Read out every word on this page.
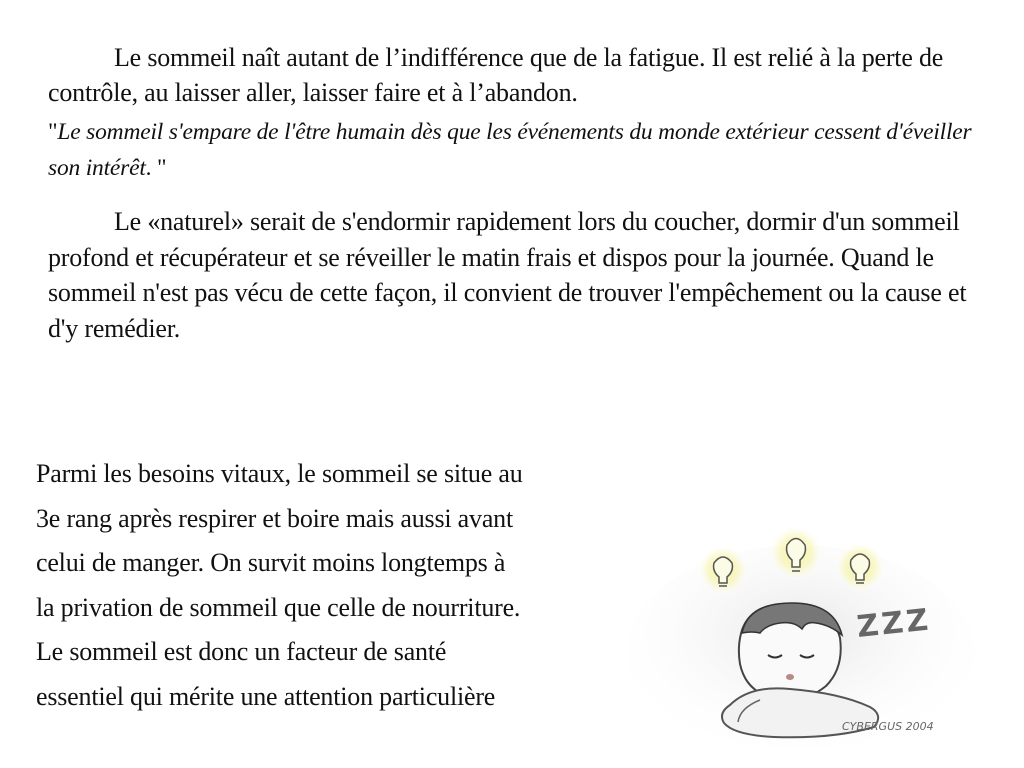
Le sommeil naît autant de l’indifférence que de la fatigue. Il est relié à la perte de contrôle, au laisser aller, laisser faire et à l’abandon.

"Le sommeil s'empare de l'être humain dès que les événements du monde extérieur cessent d'éveiller son intérêt. "

Le «naturel» serait de s'endormir rapidement lors du coucher, dormir d'un sommeil profond et récupérateur et se réveiller le matin frais et dispos pour la journée. Quand le sommeil n'est pas vécu de cette façon, il convient de trouver l'empêchement ou la cause et d'y remédier.

Parmi les besoins vitaux, le sommeil se situe au
3e rang après respirer et boire mais aussi avant
celui de manger. On survit moins longtemps à
la privation de sommeil que celle de nourriture.
Le sommeil est donc un facteur de santé
essentiel qui mérite une attention particulière

ZZZ
CYBERGUS 2004
